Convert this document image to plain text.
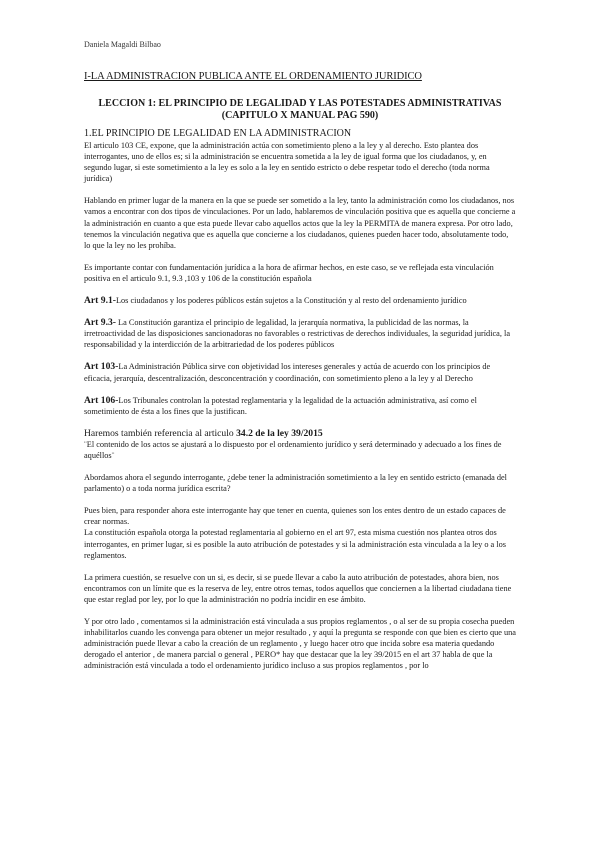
Daniela Magaldi Bilbao
I-LA ADMINISTRACION PUBLICA ANTE EL ORDENAMIENTO JURIDICO
LECCION 1: EL PRINCIPIO DE LEGALIDAD Y LAS POTESTADES ADMINISTRATIVAS
(CAPITULO X MANUAL PAG 590)
1.EL PRINCIPIO DE LEGALIDAD EN LA ADMINISTRACION

El articulo 103 CE, expone, que la administración actúa con sometimiento pleno a la ley y al derecho. Esto plantea dos interrogantes, uno de ellos es; si la administración se encuentra sometida a la ley de igual forma que los ciudadanos, y, en segundo lugar, si este sometimiento a la ley es solo a la ley en sentido estricto o debe respetar todo el derecho (toda norma jurídica)

Hablando en primer lugar de la manera en la que se puede ser sometido a la ley, tanto la administración como los ciudadanos, nos vamos a encontrar con dos tipos de vinculaciones. Por un lado, hablaremos de vinculación positiva que es aquella que concierne a la administración en cuanto a que esta puede llevar cabo aquellos actos que la ley la PERMITA de manera expresa. Por otro lado, tenemos la vinculación negativa que es aquella que concierne a los ciudadanos, quienes pueden hacer todo, absolutamente todo, lo que la ley no les prohíba.

Es importante contar con fundamentación jurídica a la hora de afirmar hechos, en este caso, se ve reflejada esta vinculación positiva en el articulo 9.1, 9.3 ,103 y 106 de la constitución española

Art 9.1-Los ciudadanos y los poderes públicos están sujetos a la Constitución y al resto del ordenamiento jurídico

Art 9.3- La Constitución garantiza el principio de legalidad, la jerarquía normativa, la publicidad de las normas, la irretroactividad de las disposiciones sancionadoras no favorables o restrictivas de derechos individuales, la seguridad jurídica, la responsabilidad y la interdicción de la arbitrariedad de los poderes públicos

Art 103-La Administración Pública sirve con objetividad los intereses generales y actúa de acuerdo con los principios de eficacia, jerarquía, descentralización, desconcentración y coordinación, con sometimiento pleno a la ley y al Derecho

Art 106-Los Tribunales controlan la potestad reglamentaria y la legalidad de la actuación administrativa, así como el sometimiento de ésta a los fines que la justifican.

Haremos también referencia al articulo 34.2 de la ley 39/2015
¨El contenido de los actos se ajustará a lo dispuesto por el ordenamiento jurídico y será determinado y adecuado a los fines de aquéllos¨

Abordamos ahora el segundo interrogante, ¿debe tener la administración sometimiento a la ley en sentido estricto (emanada del parlamento) o a toda norma jurídica escrita?

Pues bien, para responder ahora este interrogante hay que tener en cuenta, quienes son los entes dentro de un estado capaces de crear normas.

La constitución española otorga la potestad reglamentaria al gobierno en el art 97, esta misma cuestión nos plantea otros dos interrogantes, en primer lugar, si es posible la auto atribución de potestades y si la administración esta vinculada a la ley o a los reglamentos.

La primera cuestión, se resuelve con un si, es decir, si se puede llevar a cabo la auto atribución de potestades, ahora bien, nos encontramos con un límite que es la reserva de ley, entre otros temas, todos aquellos que conciernen a la libertad ciudadana tiene que estar reglad por ley, por lo que la administración no podría incidir en ese ámbito.

Y por otro lado , comentamos si la administración está vinculada a sus propios reglamentos , o al ser de su propia cosecha pueden inhabilitarlos cuando les convenga para obtener un mejor resultado , y aquí la pregunta se responde con que bien es cierto que una administración puede llevar a cabo la creación de un reglamento , y luego hacer otro que incida sobre esa materia quedando derogado el anterior , de manera parcial o general , PERO* hay que destacar que la ley 39/2015 en el art 37 habla de que la administración está vinculada a todo el ordenamiento jurídico incluso a sus propios reglamentos , por lo
